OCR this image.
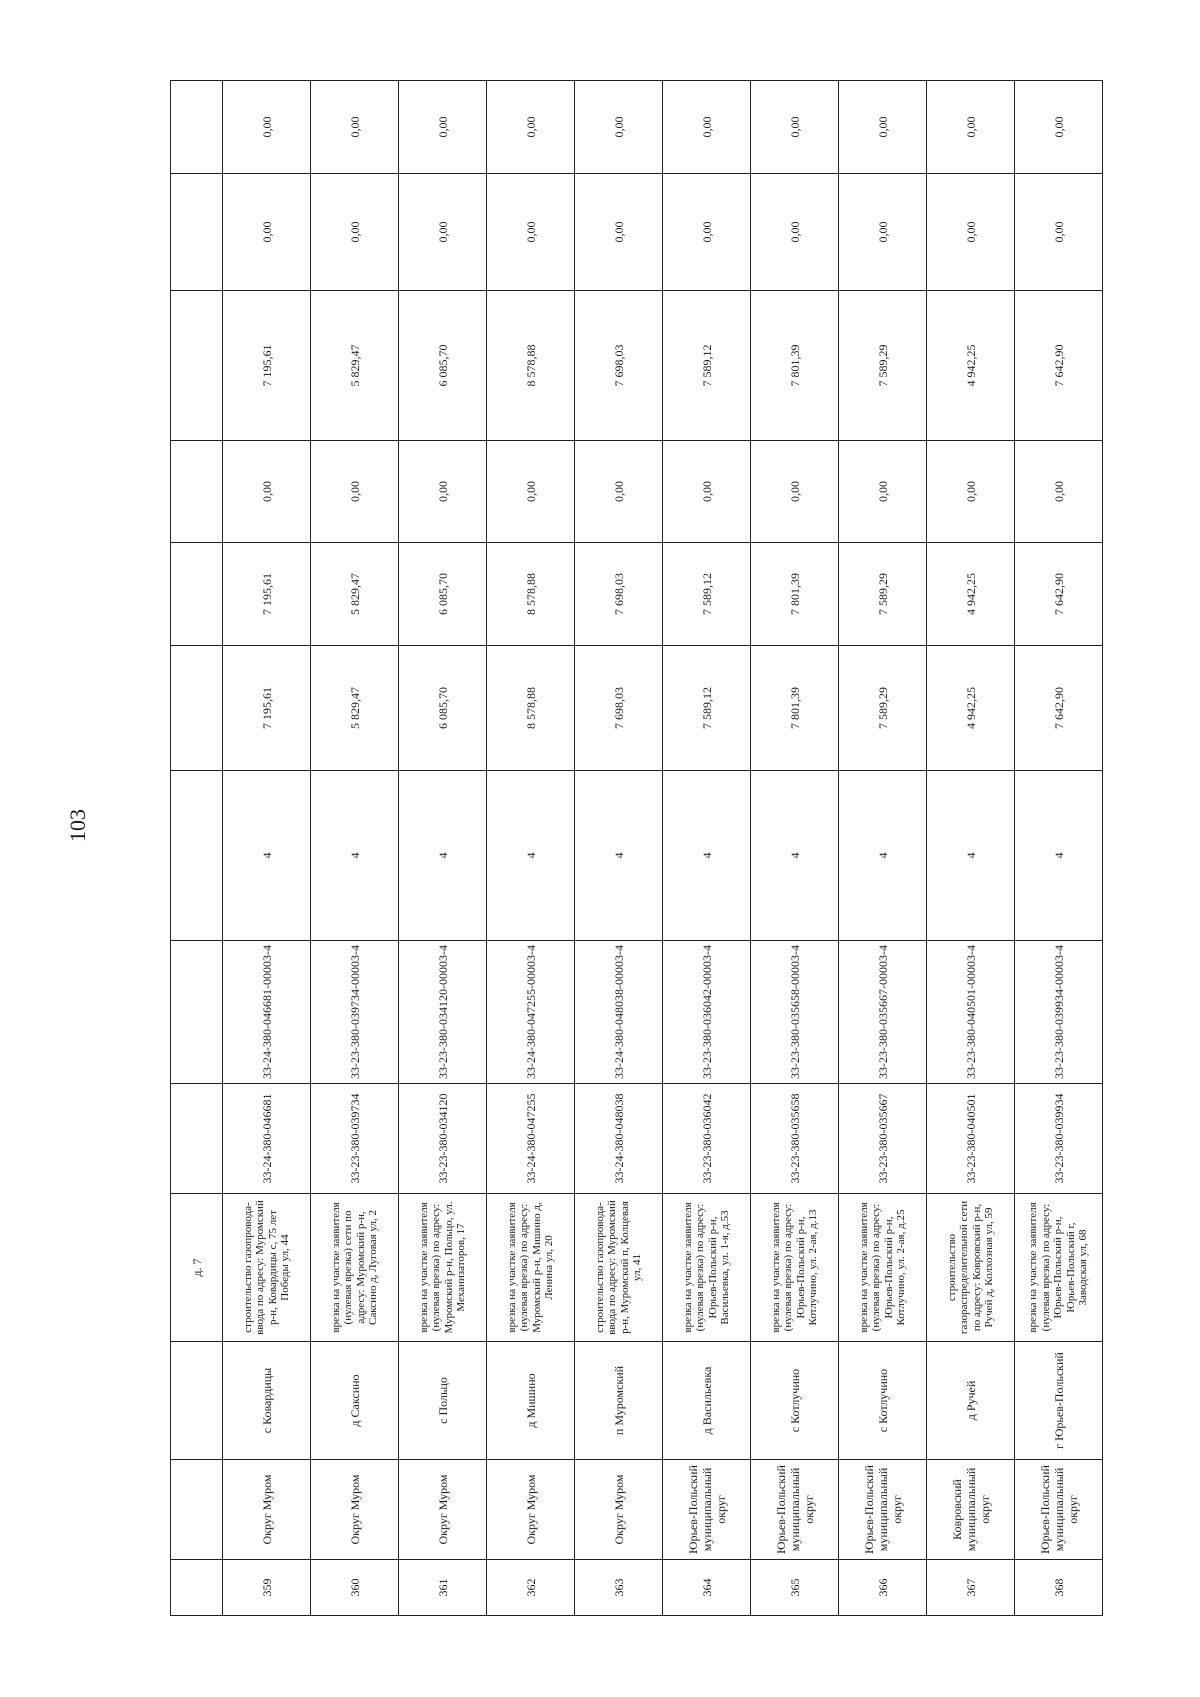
103
			д. 7									
359	Округ Муром	с Ковардицы	строительство газопровода-ввода по адресу: Муромский р-н, Ковардицы с, 75 лет Победы ул, 44	33-24-380-046681	33-24-380-046681-00003-4	4	7 195,61	7 195,61	0,00	7 195,61	0,00	0,00
360	Округ Муром	д Саксино	врезка на участке заявителя (нулевая врезка) сети по адресу: Муромский р-н, Саксино д, Луговая ул, 2	33-23-380-039734	33-23-380-039734-00003-4	4	5 829,47	5 829,47	0,00	5 829,47	0,00	0,00
361	Округ Муром	с Польцо	врезка на участке заявителя (нулевая врезка) по адресу: Муромский р-н, Польцо, ул. Механизаторов, 17	33-23-380-034120	33-23-380-034120-00003-4	4	6 085,70	6 085,70	0,00	6 085,70	0,00	0,00
362	Округ Муром	д Мишино	врезка на участке заявителя (нулевая врезка) по адресу: Муромский р-н, Мишино д, Ленина ул, 20	33-24-380-047255	33-24-380-047255-00003-4	4	8 578,88	8 578,88	0,00	8 578,88	0,00	0,00
363	Округ Муром	п Муромский	строительство газопровода-ввода по адресу: Муромский р-н, Муромский п, Колцевая ул, 41	33-24-380-048038	33-24-380-048038-00003-4	4	7 698,03	7 698,03	0,00	7 698,03	0,00	0,00
364	Юрьев-Польский муниципальный округ	д Васильевка	врезка на участке заявителя (нулевая врезка) по адресу: Юрьев-Польский р-н, Васильевка, ул. 1-я, д.53	33-23-380-036042	33-23-380-036042-00003-4	4	7 589,12	7 589,12	0,00	7 589,12	0,00	0,00
365	Юрьев-Польский муниципальный округ	с Котлучино	врезка на участке заявителя (нулевая врезка) по адресу: Юрьев-Польский р-н, Котлучино, ул. 2-ая, д.13	33-23-380-035658	33-23-380-035658-00003-4	4	7 801,39	7 801,39	0,00	7 801,39	0,00	0,00
366	Юрьев-Польский муниципальный округ	с Котлучино	врезка на участке заявителя (нулевая врезка) по адресу: Юрьев-Польский р-н, Котлучино, ул. 2-ая, д.25	33-23-380-035667	33-23-380-035667-00003-4	4	7 589,29	7 589,29	0,00	7 589,29	0,00	0,00
367	Ковровский муниципальный округ	д Ручей	строительство газораспределительной сети по адресу: Ковровский р-н, Ручей д, Колхозная ул, 59	33-23-380-040501	33-23-380-040501-00003-4	4	4 942,25	4 942,25	0,00	4 942,25	0,00	0,00
368	Юрьев-Польский муниципальный округ	г Юрьев-Польский	врезка на участке заявителя (нулевая врезка) по адресу: Юрьев-Польский р-н, Юрьев-Польский г, Заводская ул, 68	33-23-380-039934	33-23-380-039934-00003-4	4	7 642,90	7 642,90	0,00	7 642,90	0,00	0,00
